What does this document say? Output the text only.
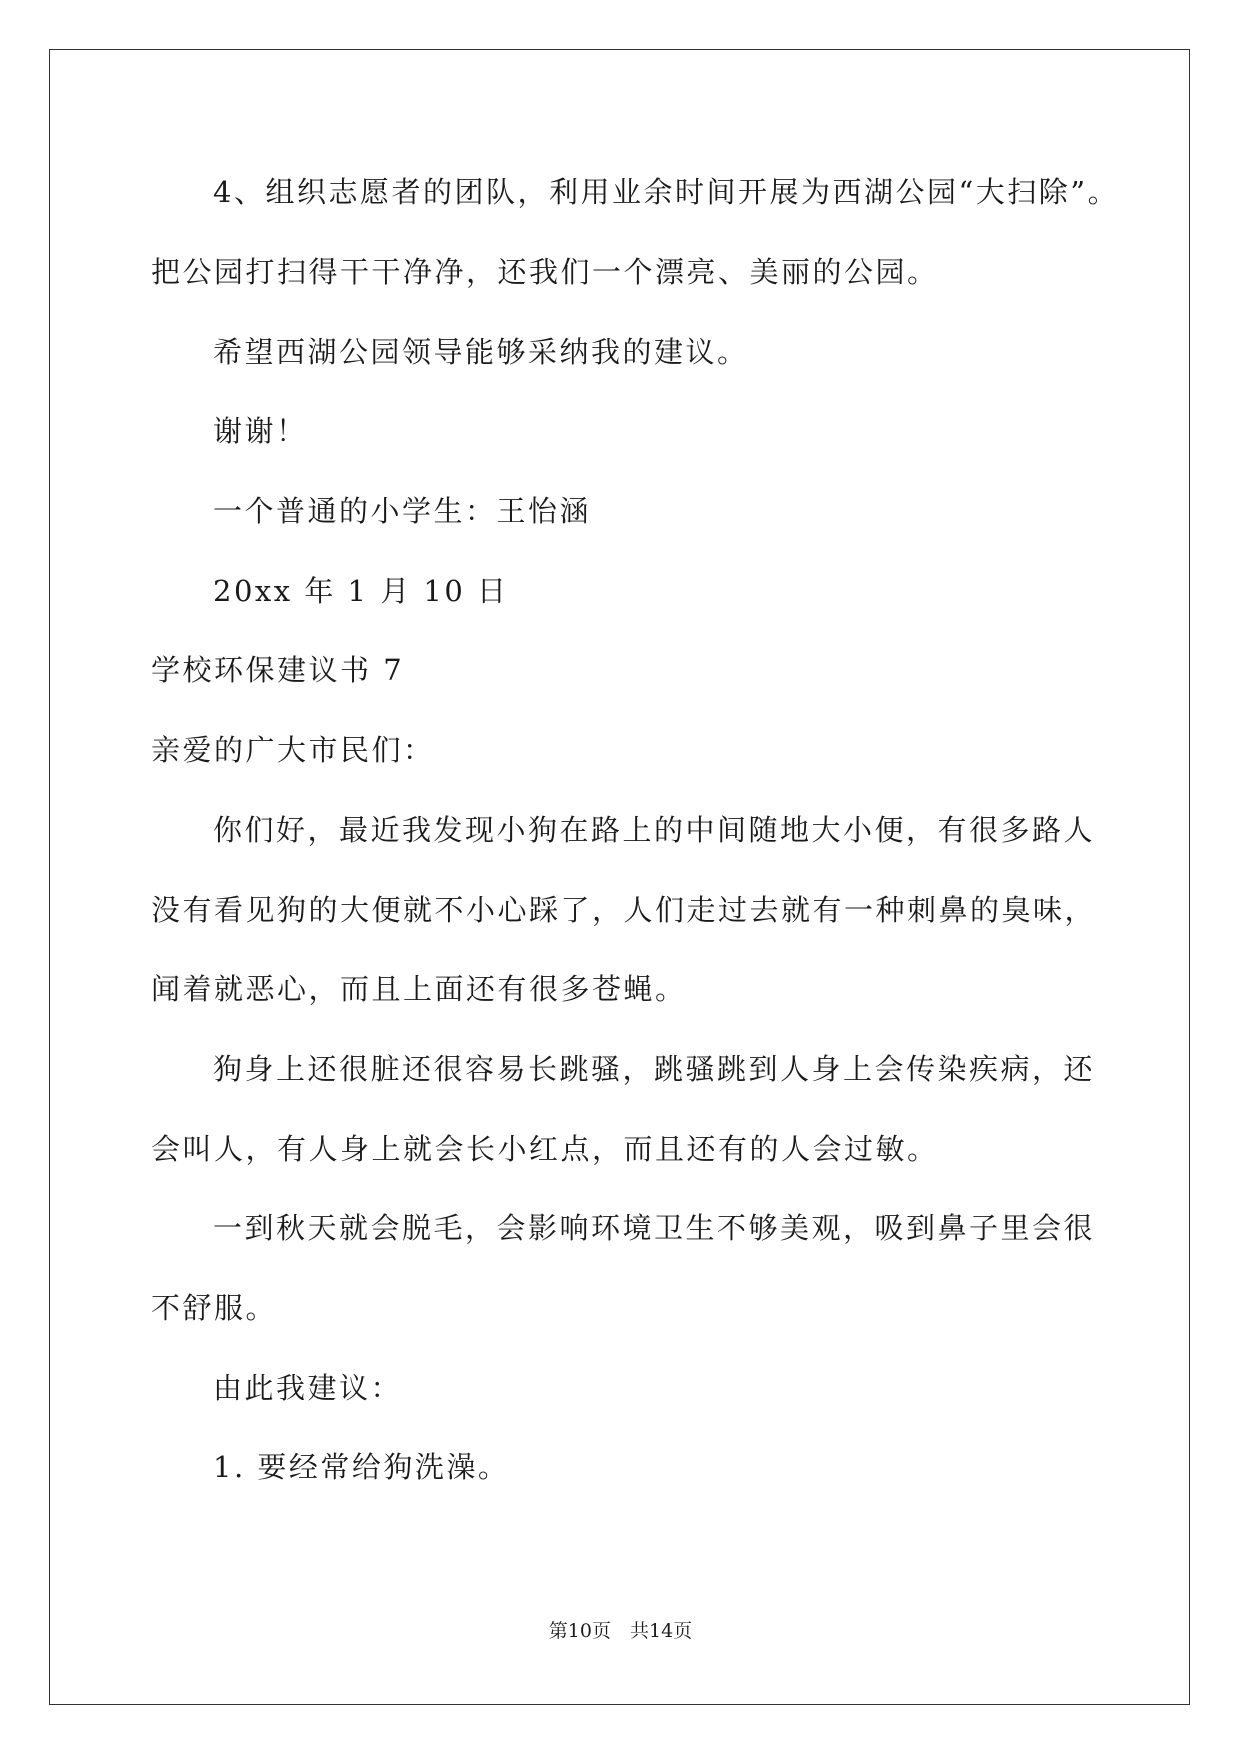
4、组织志愿者的团队，利用业余时间开展为西湖公园“大扫除”。
把公园打扫得干干净净，还我们一个漂亮、美丽的公园。
希望西湖公园领导能够采纳我的建议。
谢谢！
一个普通的小学生：王怡涵
20xx 年 1 月 10 日
学校环保建议书 7
亲爱的广大市民们：
你们好，最近我发现小狗在路上的中间随地大小便，有很多路人
没有看见狗的大便就不小心踩了，人们走过去就有一种刺鼻的臭味，
闻着就恶心，而且上面还有很多苍蝇。
狗身上还很脏还很容易长跳骚，跳骚跳到人身上会传染疾病，还
会叫人，有人身上就会长小红点，而且还有的人会过敏。
一到秋天就会脱毛，会影响环境卫生不够美观，吸到鼻子里会很
不舒服。
由此我建议：
1. 要经常给狗洗澡。
第10页　共14页
